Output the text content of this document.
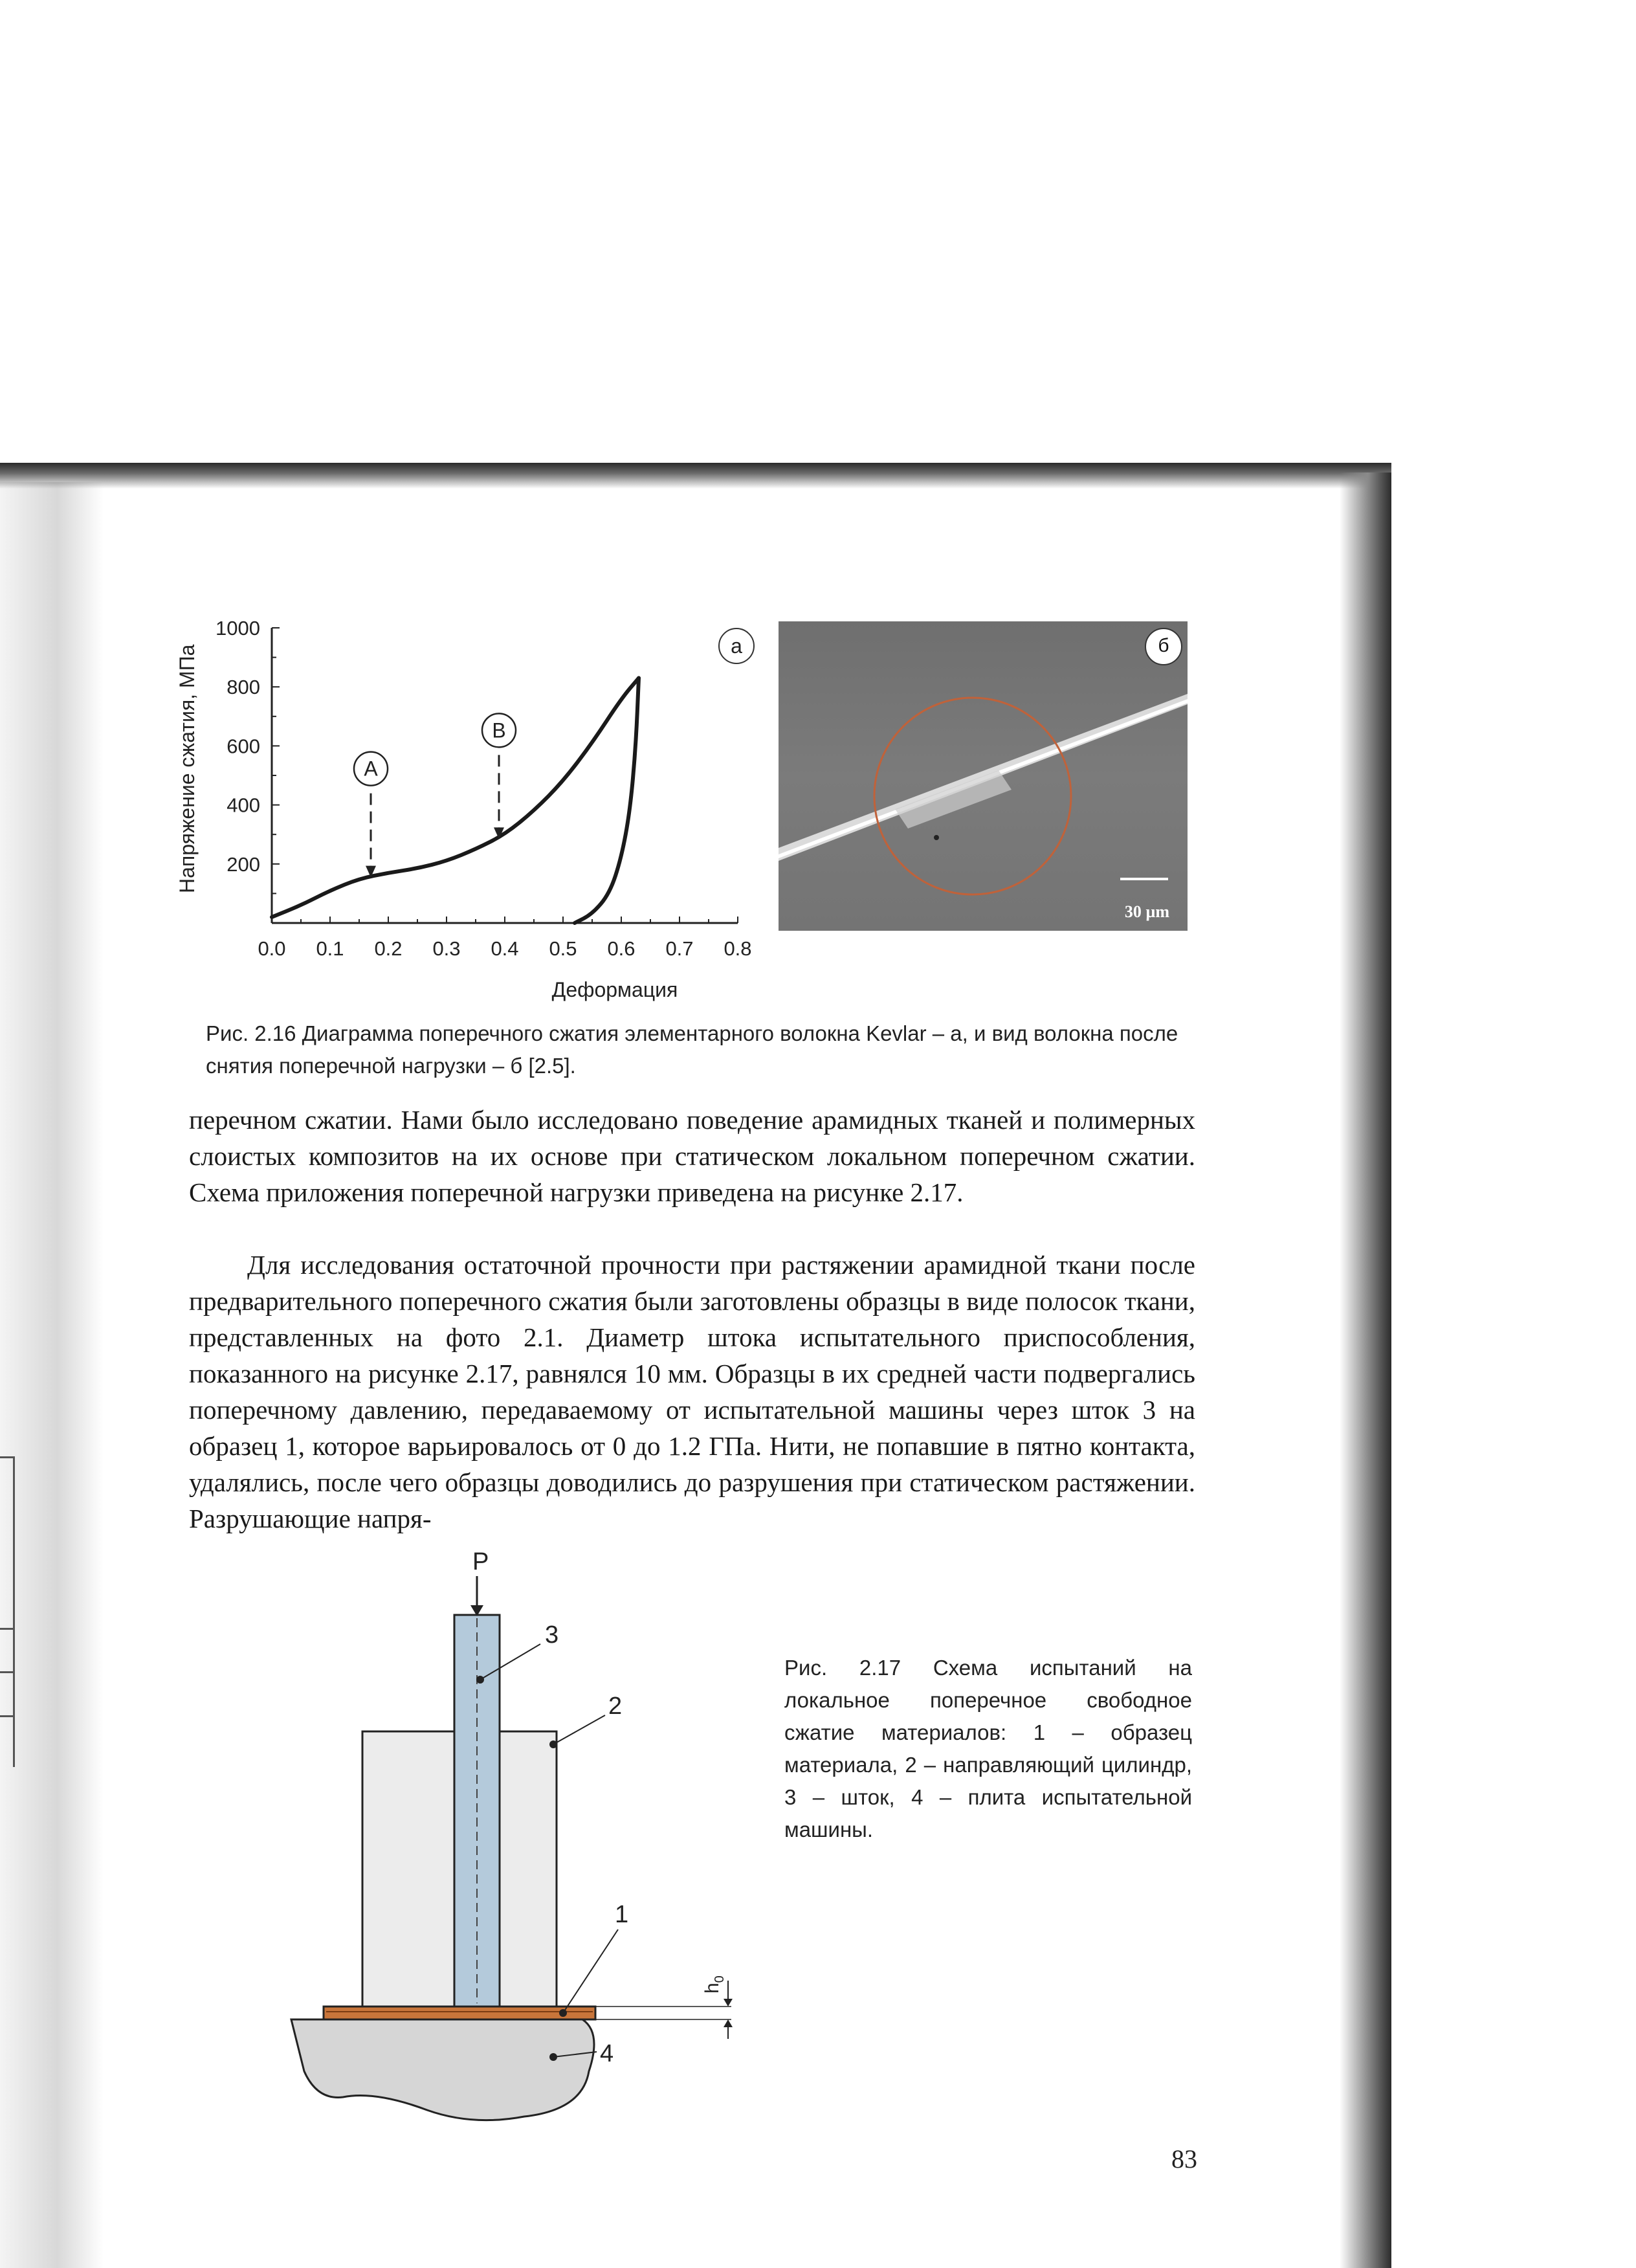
200
400
600
800
1000
0.0 0.1 0.2 0.3 0.4 0.5 0.6 0.7 0.8
A
B
Напряжение сжатия, МПа
Деформация
а	б
30 µm
Рис. 2.16 Диаграмма поперечного сжатия элементарного волокна Kevlar – а, и вид волокна после снятия поперечной нагрузки – б [2.5].

перечном сжатии. Нами было исследовано поведение арамидных тканей и полимерных слоистых композитов на их основе при статическом локальном поперечном сжатии. Схема приложения поперечной нагрузки приведена на рисунке 2.17.

Для исследования остаточной прочности при растяжении арамидной ткани после предварительного поперечного сжатия были заготовлены образцы в виде полосок ткани, представленных на фото 2.1. Диаметр штока испытательного приспособления, показанного на рисунке 2.17, равнялся 10 мм. Образцы в их средней части подвергались поперечному давлению, передаваемому от испытательной машины через шток 3 на образец 1, которое варьировалось от 0 до 1.2 ГПа. Нити, не попавшие в пятно контакта, удалялись, после чего образцы доводились до разрушения при статическом растяжении. Разрушающие напря-

P
3
2
1
4
$h_0$
Рис. 2.17 Схема испытаний на локальное поперечное свободное сжатие материалов: 1 – образец материала, 2 – направляющий цилиндр, 3 – шток, 4 – плита испытательной машины.
83
